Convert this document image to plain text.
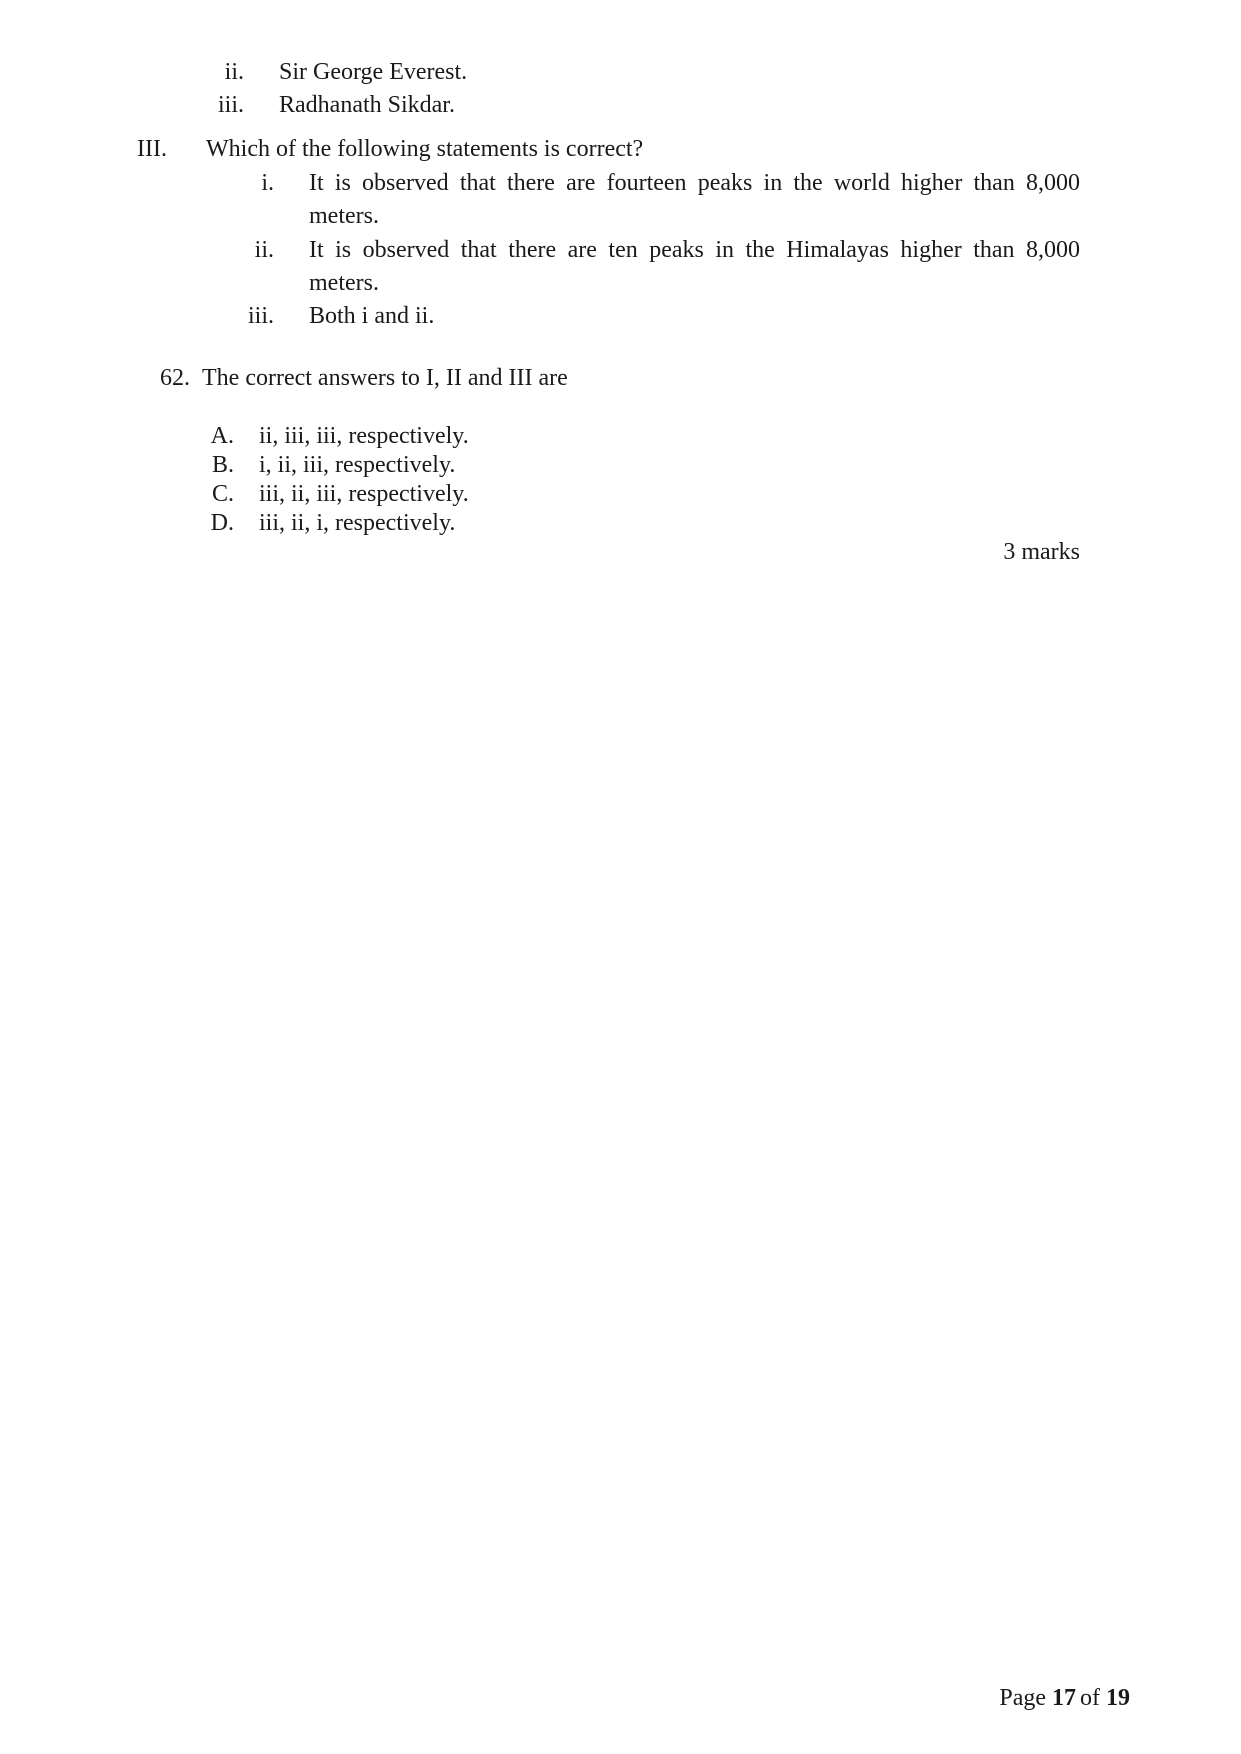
ii. Sir George Everest.
iii. Radhanath Sikdar.
III. Which of the following statements is correct?
i. It is observed that there are fourteen peaks in the world higher than 8,000 meters.
ii. It is observed that there are ten peaks in the Himalayas higher than 8,000 meters.
iii. Both i and ii.
62. The correct answers to I, II and III are
A. ii, iii, iii, respectively.
B. i, ii, iii, respectively.
C. iii, ii, iii, respectively.
D. iii, ii, i, respectively.
3 marks
Page 17 of 19
